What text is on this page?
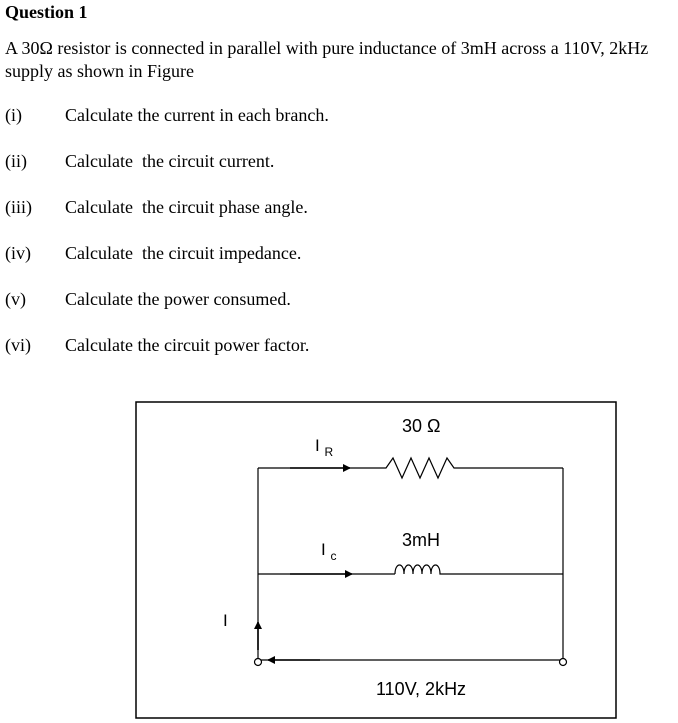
Question 1

A 30Ω resistor is connected in parallel with pure inductance of 3mH across a 110V, 2kHz supply as shown in Figure

(i)	Calculate the current in each branch.
(ii)	Calculate  the circuit current.
(iii)	Calculate  the circuit phase angle.
(iv)	Calculate  the circuit impedance.
(v)	Calculate the power consumed.
(vi)	Calculate the circuit power factor.
30 Ω
I $_R$
3mH
I $_c$
I
110V, 2kHz
